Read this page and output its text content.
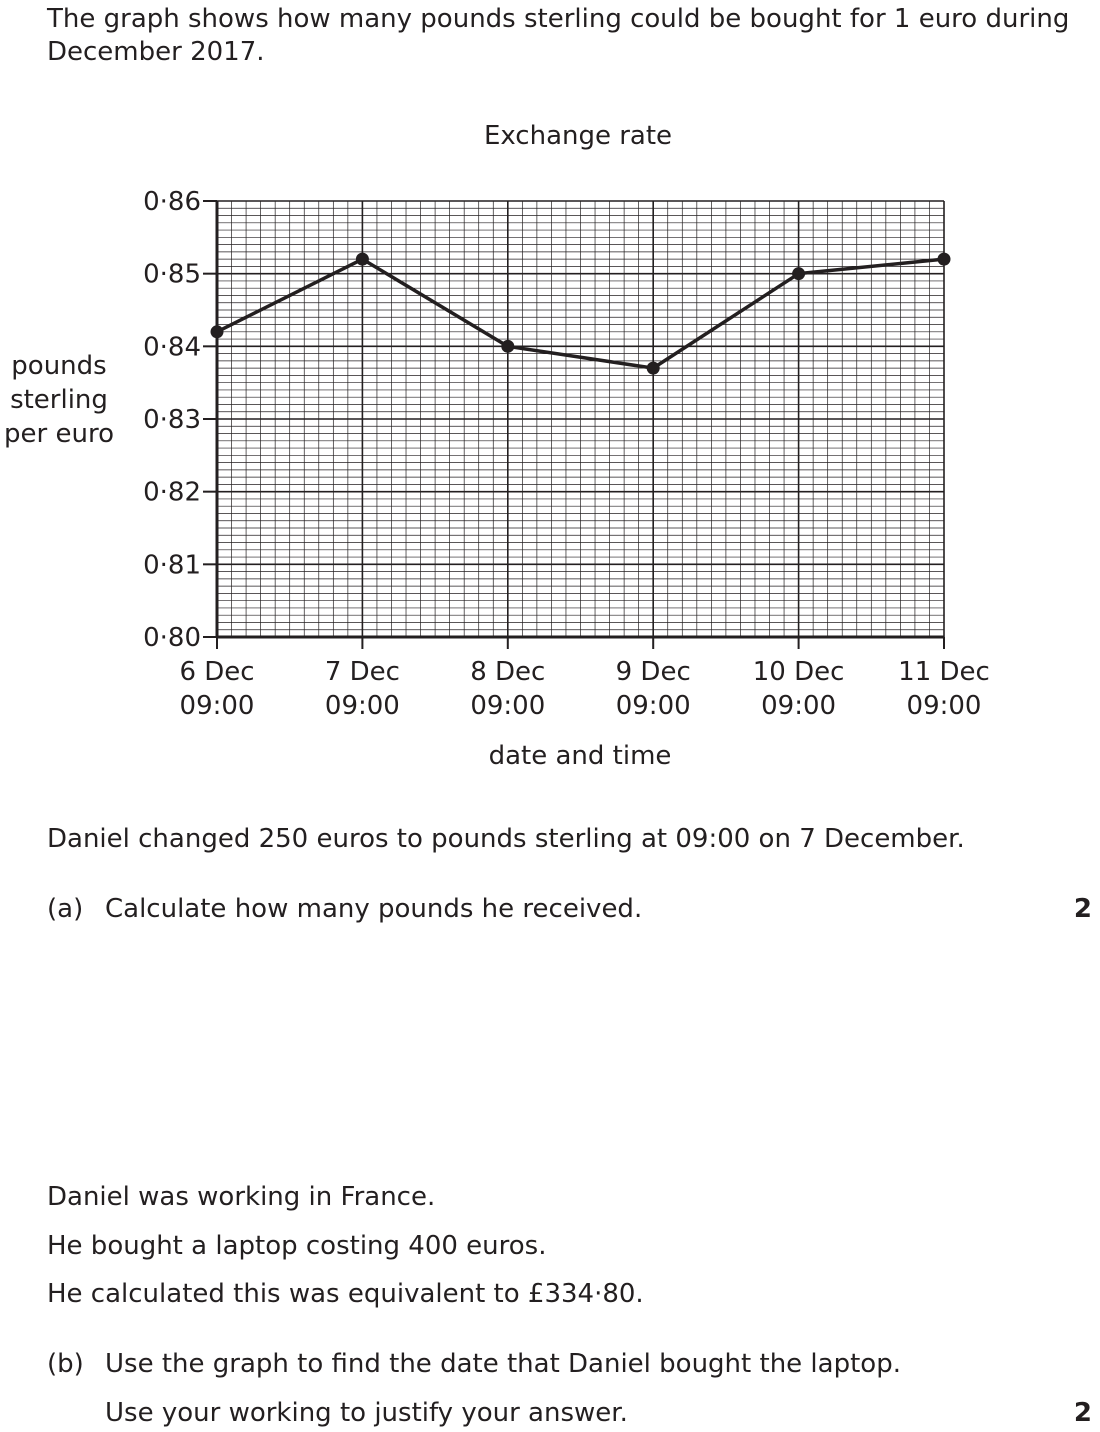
The graph shows how many pounds sterling could be bought for 1 euro during
December 2017.
Exchange rate
0·80
0·81
0·82
0·83
0·84
0·85
0·86
6 Dec
09:00
7 Dec
09:00
8 Dec
09:00
9 Dec
09:00
10 Dec
09:00
11 Dec
09:00
pounds
sterling
per euro
date and time
Daniel changed 250 euros to pounds sterling at 09:00 on 7 December.
(a) Calculate how many pounds he received.	2
Daniel was working in France.
He bought a laptop costing 400 euros.
He calculated this was equivalent to £334·80.
(b) Use the graph to find the date that Daniel bought the laptop.
Use your working to justify your answer.	2
